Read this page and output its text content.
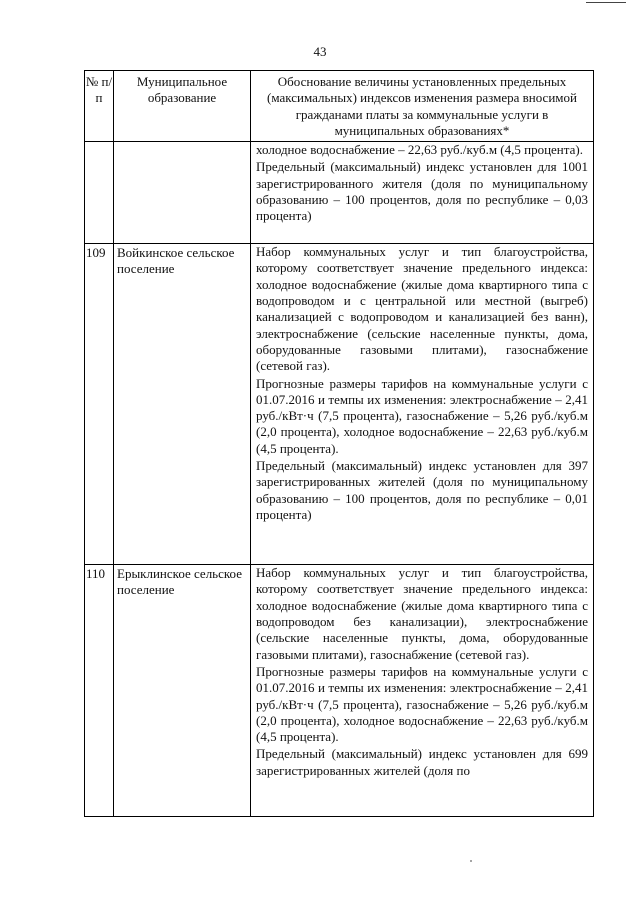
43
№ п/п	Муниципальное образование	Обоснование величины установленных предельных (максимальных) индексов изменения размера вносимой гражданами платы за коммунальные услуги в муниципальных образованиях*

		холодное водоснабжение – 22,63 руб./куб.м (4,5 процента).

Предельный (максимальный) индекс установлен для 1001 зарегистрированного жителя (доля по муниципальному образованию – 100 процентов, доля по республике – 0,03 процента)

109	Войкинское сельское поселение	Набор коммунальных услуг и тип благоустройства, которому соответствует значение предельного индекса: холодное водоснабжение (жилые дома квартирного типа с водопроводом и с центральной или местной (выгреб) канализацией с водопроводом и канализацией без ванн), электроснабжение (сельские населенные пункты, дома, оборудованные газовыми плитами), газоснабжение (сетевой газ).

Прогнозные размеры тарифов на коммунальные услуги с 01.07.2016 и темпы их изменения: электроснабжение – 2,41 руб./кВт·ч (7,5 процента), газоснабжение – 5,26 руб./куб.м (2,0 процента), холодное водоснабжение – 22,63 руб./куб.м (4,5 процента).

Предельный (максимальный) индекс установлен для 397 зарегистрированных жителей (доля по муниципальному образованию – 100 процентов, доля по республике – 0,01 процента)

110	Ерыклинское сельское поселение	Набор коммунальных услуг и тип благоустройства, которому соответствует значение предельного индекса: холодное водоснабжение (жилые дома квартирного типа с водопроводом без канализации), электроснабжение (сельские населенные пункты, дома, оборудованные газовыми плитами), газоснабжение (сетевой газ).

Прогнозные размеры тарифов на коммунальные услуги с 01.07.2016 и темпы их изменения: электроснабжение – 2,41 руб./кВт·ч (7,5 процента), газоснабжение – 5,26 руб./куб.м (2,0 процента), холодное водоснабжение – 22,63 руб./куб.м (4,5 процента).

Предельный (максимальный) индекс установлен для 699 зарегистрированных жителей (доля по
